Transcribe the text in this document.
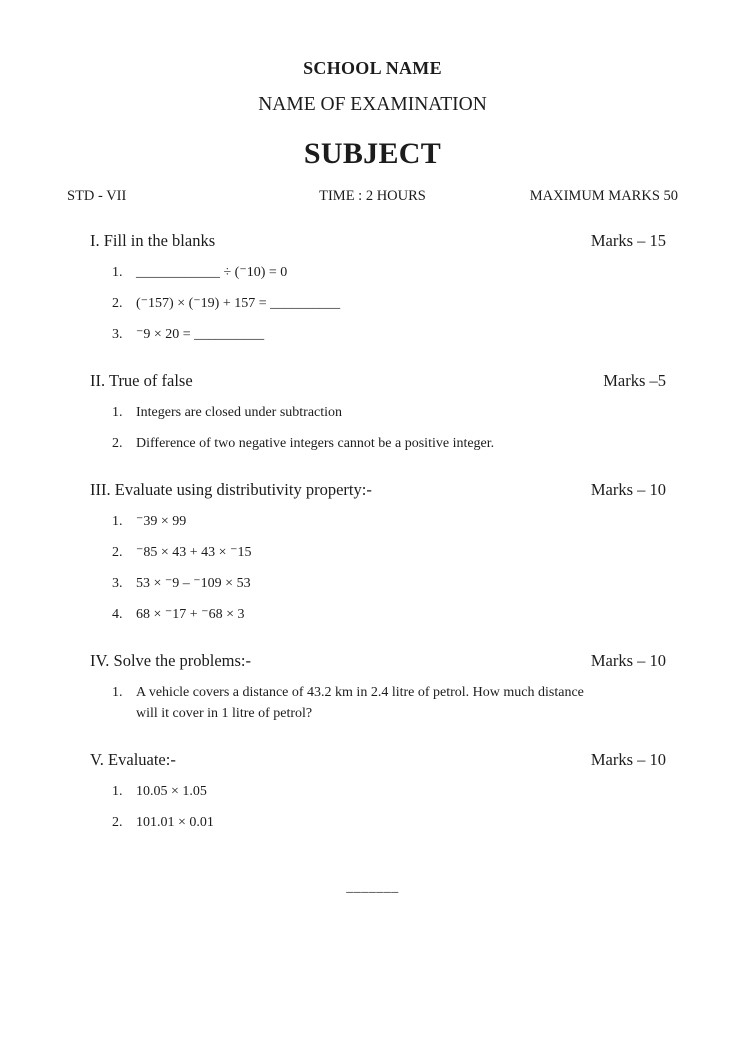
SCHOOL NAME
NAME OF EXAMINATION
SUBJECT
STD - VII	TIME : 2 HOURS	MAXIMUM MARKS 50
I. Fill in the blanks	Marks – 15
1. ____________ ÷ (⁻10) = 0
2. (⁻157) × (⁻19) + 157 = __________
3. ⁻9 × 20 = __________
II. True of false	Marks –5
1. Integers are closed under subtraction
2. Difference of two negative integers cannot be a positive integer.
III. Evaluate using distributivity property:-	Marks – 10
1. ⁻39 × 99
2. ⁻85 × 43 + 43 × ⁻15
3. 53 × ⁻9 – ⁻109 × 53
4. 68 × ⁻17 + ⁻68 × 3
IV. Solve the problems:-	Marks – 10
1. A vehicle covers a distance of 43.2 km in 2.4 litre of petrol. How much distance will it cover in 1 litre of petrol?
V. Evaluate:-	Marks – 10
1. 10.05 × 1.05
2. 101.01 × 0.01
_______
